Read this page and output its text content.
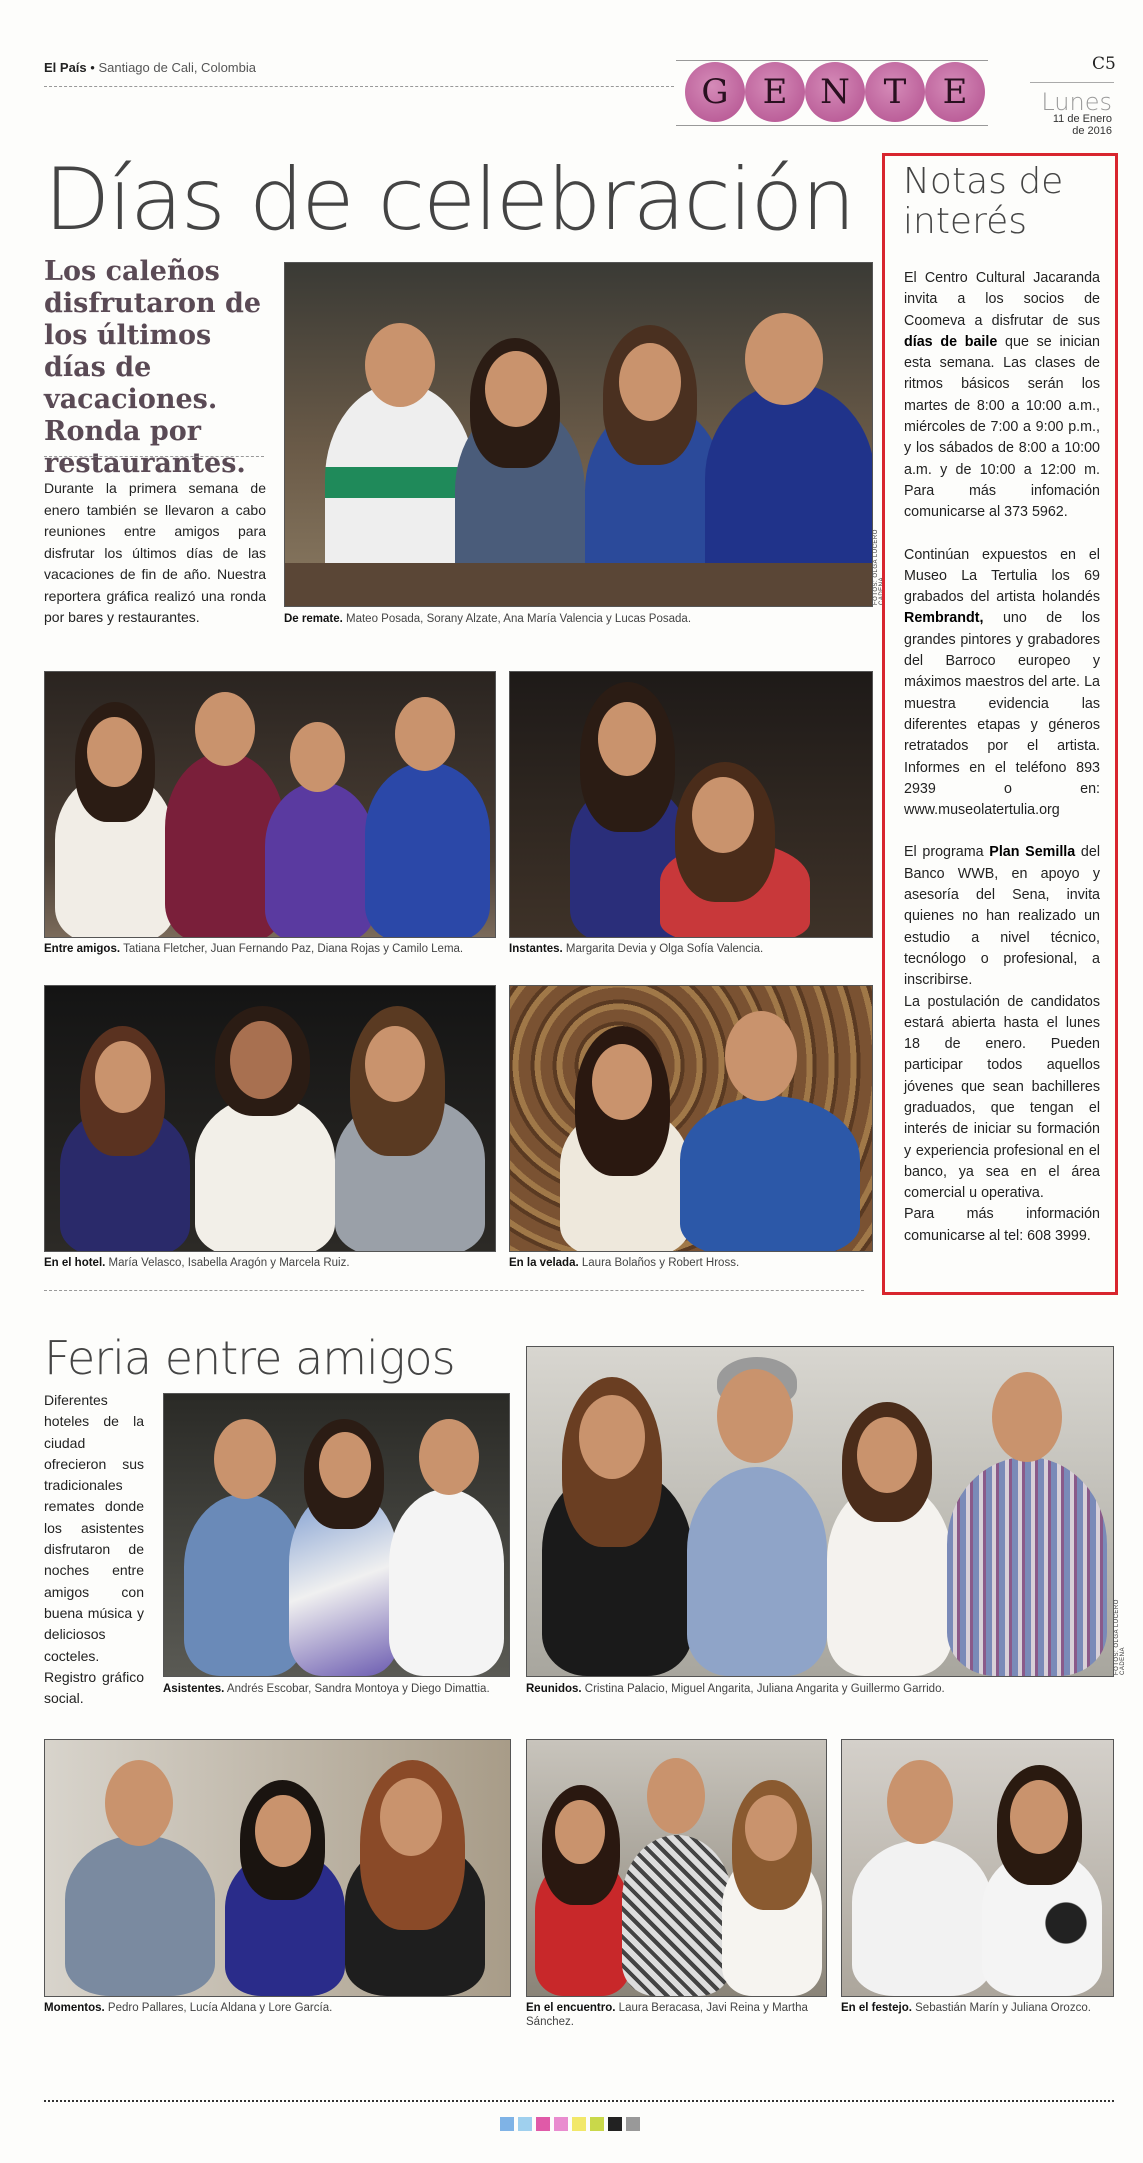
El País • Santiago de Cali, Colombia
G	E N T	E
C5
Lunes
11 de Enero
de 2016
Días de celebración
Los caleños disfrutaron de los últimos días de vacaciones. Ronda por restaurantes.
Durante la primera semana de enero también se llevaron a cabo reuniones entre amigos para disfrutar los últimos días de las vacaciones de fin de año. Nuestra reportera gráfica realizó una ronda por bares y restaurantes.
FOTOS: OLGA LUCERO CADENA
De remate. Mateo Posada, Sorany Alzate, Ana María Valencia y Lucas Posada.
Entre amigos. Tatiana Fletcher, Juan Fernando Paz, Diana Rojas y Camilo Lema.	Instantes. Margarita Devia y Olga Sofía Valencia.
En el hotel. María Velasco, Isabella Aragón y Marcela Ruiz.	En la velada. Laura Bolaños y Robert Hross.
Notas de
interés

El Centro Cultural Jacaranda invita a los socios de Coomeva a disfrutar de sus días de baile que se inician esta semana. Las clases de ritmos básicos serán los martes de 8:00 a 10:00 a.m., miércoles de 7:00 a 9:00 p.m., y los sábados de 8:00 a 10:00 a.m. y de 10:00 a 12:00 m. Para más infomación comunicarse al 373 5962.

Continúan expuestos en el Museo La Tertulia los 69 grabados del artista holandés Rembrandt, uno de los grandes pintores y grabadores del Barroco europeo y máximos maestros del arte. La muestra evidencia las diferentes etapas y géneros retratados por el artista. Informes en el teléfono 893 2939 o en: www.museolatertulia.org

El programa Plan Semilla del Banco WWB, en apoyo y asesoría del Sena, invita quienes no han realizado un estudio a nivel técnico, tecnólogo o profesional, a inscribirse.

La postulación de candidatos estará abierta hasta el lunes 18 de enero. Pueden participar todos aquellos jóvenes que sean bachilleres graduados, que tengan el interés de iniciar su formación y experiencia profesional en el banco, ya sea en el área comercial u operativa.

Para más información comunicarse al tel: 608 3999.

Feria entre amigos
Diferentes hoteles de la ciudad ofrecieron sus tradicionales remates donde los asistentes disfrutaron de noches entre amigos con buena música y deliciosos cocteles. Registro gráfico social.
Asistentes. Andrés Escobar, Sandra Montoya y Diego Dimattia.
FOTOS: OLGA LUCERO CADENA
Reunidos. Cristina Palacio, Miguel Angarita, Juliana Angarita y Guillermo Garrido.
Momentos. Pedro Pallares, Lucía Aldana y Lore García.	En el encuentro. Laura Beracasa, Javi Reina y Martha Sánchez.
En el festejo. Sebastián Marín y Juliana Orozco.
